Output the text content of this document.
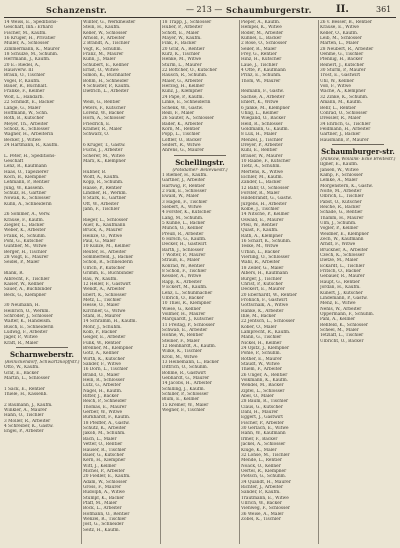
Schanzenstr.	— 213 — Schaumburgerstr. II.	361
14 Weiss, E., Speditions-
Geschäft, Inh.: Erhard
Fischer, M., Kaufm.
16 Krüger, H., Privatier
Müller, A., Schlosser
Zimmermann, K., Maurer
18 Schulze, M., Schuhm.
Herrmann, J., Kaufm.
20 E.: Riedel, A.,
Hausverw. III
Braun, O., Tischler
Vogel, P., Kaufm.
Bauer, R., Buchhalt.
Franke, F., Kellner
Wolf, L., Handarb.
22 Schmidt, E., Bäcker
Lange, G., Maler
Hoffmann, W., Schn.
Roth, B., Kutscher
Meyer, Th., Arbeiter
Scholz, K., Schlosser
Wagner, H., Arbeiterin
Becker, J., Witwe
24 Hartmann, R., Kaufm.

L. Peter, H., Speditions-
Geschäft
Lenz, R., Kaufmann
Haas, O., Tapezierer
Koch, B., Klempner
Lehmann, P., Rentier
Jung, W., Kassenb.
Schulz, H., Gärtner
Nowak, K., Schlosser
Kühn, A., Schneiderin

26 Sommer, A., Verw.
Krause, F., Kaufm.
Ziegler, L., Bäcker
Weber, K., Arbeiter
Frank, R., Schuhm.
Pohl, G., Kutscher
Günther, M., Witwe
Berger, H., Tischler
28 Voigt, E., Maurer
Seidel, P., Maler

Blank, R.
Albrecht, F., Tischler
Kaiser, W., Kellner
Sauer, A., Buchbinder
Beck, G., Klempner

30 Neumann, H.
Heinrich, O., Werkm.
Schröder, J., Schlosser
Walter, K., Handelsm.
Busch, E., Schneiderin
Ludwig, F., Arbeiter
Jäger, P., Witwe
Kraft, R., Maler
Scharnweberstr.
(Reinickendorf, Schwartzkopffstr.)
Otto, W., Kaufm.
Graf, E., Bäcker
Martin, L., Schlosser

1 Sack, E., Rentier
Thiele, H., Kassenb.

2 Baumann, J., Kaufm.
Winkler, A., Maurer
Hahn, O., Tischler
3 Möller, R., Arbeiter
4 Schreiber, K., Gastw.
Engel, P., Arbeiter
Winter, G., Werkmeister
Stein, H., Kaufm.
Keller, W., Schlosser
Arnold, F., Arbeiter
2 Brandt, A., Tischler
Vogt, R., Schuhm.
Franz, M., Maurer
Kuhn, J., Maler
Schubert, E., Kellner
Ernst, O., Witwe
Simon, K., Buchhalter
Böhm, H., Schneider
4 Schuster, P., Kaufm.
Dietrich, L., Arbeiter

Weiß, G., Rentier
Peters, F., Kutscher
Lorenz, W., Bäcker
Horn, A., Schlosser
Friedrich, E.
Kramer, R., Maler
Schwarz, O.

6 Krüger, T., Gastw.
Fuchs, J., Arbeiter
Scherer, M., Witwe
Marx, K., Klempner

Hübner, B.
Wolff, A., Kaufm.
Kopp, R., Schuhm.
Haase, P., Rentier
Lindner, H., Werkm.
8 Stark, E., Gärtner
Ott, W., Arbeiter
Jahn, F., Tischler

Rieger, L., Schlosser
Auer, K., Kaufmann
Brück, A., Maurer
Heinze, O., Witwe
Paul, G., Maler
10 Kunze, M., Kellner
Reuter, H., Arbeiter
Sommerfeld, J., Bäcker
Schön, R., Schneiderin
Ulrich, P., Kutscher
Grimm, E., Buchbinder
Rau, W., Kaufm.
12 Heller, F., Gastwirt
Wendt, A., Arbeiter
Ebert, K., Schlosser
Metz, L., Tischler
Hesse, O., Maler
Kirchner, G., Witwe
Stahl, R., Maurer
14 Schramm, H., Kaufm.
Mohr, J., Schuhm.
Kolb, P., Bäcker
Geiger, E., Arbeiter
Funk, W., Rentier
Brenner, M., Klempner
Götz, A., Kellner
Wirth, K., Kutscher
Sander, F., Witwe
16 Dorn, L., Tischler
Brand, O., Maler
Hein, R., Schlosser
Lutz, G., Arbeiter
Nagel, H., Kaufm.
Ritter, J., Bäcker
Reich, P., Schneider
Thomas, E., Maurer
Gerber, W., Witwe
Burkhardt, F., Kaufm.
18 Pfeiffer, A., Gastw.
Schütz, K., Arbeiter
Jakob, M., Schuhm.
Bach, L., Maler
Vetter, O., Rentier
Hauser, R., Tischler
Baier, G., Kutscher
Kern, H., Klempner
Witt, J., Kellner
Michel, P., Arbeiter
20 Fiedler, E., Kaufm.
Adam, W., Schlosser
Gross, F., Maurer
Rudolph, A., Witwe
Stumpf, K., Bäcker
Pfaff, M., Maler
Bock, L., Arbeiter
Hofmann, O., Rentier
Wenzel, R., Tischler
Jost, G., Schneider
Seitz, H., Kaufm.
18 Trapp, J., Schlosser
Huber, P., Arbeiter
Schott, E., Maler
Mayer, W., Kaufm.
Fink, F., Bäcker
20 Graf, A., Rentier
Kurz, K., Tischler
Henke, M., Witwe
Sturm, L., Maurer
22 Böttcher, O., Kutscher
Rausch, R., Schuhm.
Maier, G., Arbeiter
Herzog, H., Kellner
Kunz, J., Klempner
24 Pape, P., Kaufm.
Linke, E., Schneiderin
Schenk, W., Gastw.
Reiß, F., Maler
26 Sauter, A., Schlosser
Bader, K., Arbeiter
Korn, M., Rentier
Popp, L., Tischler
Löffler, O., Bäcker
Seifert, R., Witwe
Ahrens, G., Maurer
Schellingstr.
(Potsdamer- Bellevuestr.)
1 Riemer, H., Kaufm.
Gärtner, J., Arbeiter
Hartwig, P., Rentier
2 Falk, E., Schlosser
Ewald, W., Maler
3 Hagen, F., Tischler
Siebert, A., Witwe
4 Förster, K., Kutscher
Lang, M., Schuhm.
5 Kühne, L., Bäcker
Münch, O., Kellner
Preuß, R., Arbeiter
6 Hirsch, G., Kaufm.
Decker, H., Gastwirt
Barth, J., Schlosser
7 Wolter, P., Maurer
Strauß, E., Maler
Konrad, W., Rentier
8 Scholl, F., Tischler
Kessler, A., Witwe
Rapp, K., Arbeiter
9 Eckert, M., Kaufm.
Lenz, L., Schuhmacher
Ulbrich, O., Bäcker
10 Thiel, R., Klempner
Wiese, G., Kellner
Vollmer, H., Maurer
Marquardt, J., Kutscher
11 Freitag, P., Schlosser
Schwab, E., Arbeiter
Höhne, W., Rentier
Steiner, F., Maler
12 Reinhardt, A., Kaufm.
Wilke, K., Tischler
Kroll, M., Witwe
13 Heinemann, L., Bäcker
Dittrich, O., Schuhm.
Böhme, R., Gastwirt
Gebhardt, G., Maurer
14 Jacobs, H., Arbeiter
Schilling, J., Kaufm.
Schiller, P., Schlosser
Blum, E., Kellner
15 Kremer, W., Maler
Wegner, F., Tischler
Pieper, A., Kaufm.
Hempel, K., Witwe
Roder, M., Arbeiter
Kühnel, L., Bäcker
2 Rose, O., Schlosser
Seiler, R., Maler
Frey, G., Rentier
Hinz, H., Kutscher
Laue, J., Tischler
4 Otte, P., Kaufmann
Prinz, E., Schuhm.
Thom, W., Maurer

Reimann, F., Gastw.
Sachse, A., Arbeiter
Ehlert, K., Witwe
6 Janke, M., Klempner
Uhlig, L., Kellner
Wiegand, O., Bäcker
Held, R., Schlosser
Goldmann, G., Kaufm.
8 Lux, H., Maler
Menzel, J., Tischler
Dreyer, P., Arbeiter
Kühl, E., Rentier
Brauer, W., Maurer
10 Raabe, F., Kutscher
Tietz, A., Schuhm.
Mertens, K., Witwe
Eichler, M., Kaufm.
Zander, L., Bäcker
12 Bahr, O., Schlosser
Förster, R., Maler
Hildebrandt, G., Gastw.
Jürgens, H., Arbeiter
Kolbe, J., Tischler
14 Nitsche, P., Kellner
Oswald, E., Maurer
Pfeil, W., Rentier
Quast, F., Kaufm.
Rath, A., Klempner
16 Scharf, K., Schuhm.
Teske, M., Witwe
Urban, L., Bäcker
Vierling, O., Schlosser
Wahl, R., Arbeiter
18 Zeller, G., Maler
Albers, H., Kaufmann
Bürger, J., Tischler
Christ, P., Kutscher
Deckert, E., Maurer
20 Eberhardt, W., Rentier
Fröhlich, F., Gastwirt
Gottschalk, A., Witwe
Hanke, K., Arbeiter
Ihle, M., Bäcker
22 Jentsch, L., Schlosser
Kober, O., Maler
Lamprecht, R., Kaufm.
Mann, G., Tischler
Nickel, H., Kellner
24 Opitz, J., Klempner
Pohle, P., Schuhm.
Rother, E., Maurer
Staudt, W., Witwe
Thiem, F., Arbeiter
26 Unger, A., Rentier
Volkmann, K., Kaufm.
Wendel, M., Bäcker
Zipfel, L., Schlosser
Abel, O., Maler
28 Baum, R., Tischler
Claus, G., Kutscher
Dahl, H., Maurer
Eggert, J., Gastwirt
Fischer, P., Arbeiter
30 Gerlach, E., Witwe
Hahn, W., Kaufmann
Irmer, F., Bäcker
Jäckel, A., Schlosser
Kluge, K., Maler
32 Lohse, M., Tischler
Mende, L., Rentier
Noack, O., Kellner
Oertel, R., Klempner
Pietsch, G., Schuhm.
34 Quandt, H., Maurer
Richter, J., Arbeiter
Sander, P., Kaufm.
Trautmann, E., Witwe
Ullrich, W., Bäcker
Viehweg, F., Schlosser
36 Weise, A., Maler
Zobel, K., Tischler
26 v. Besser, B., Rentier
Krause, E., Witwe
Keller, O., Kaufm.
Leib, M., Schlosser
Marten, L., Maler
28 Neubert, R., Arbeiter
Oehme, G., Tischler
Pfennig, H., Bäcker
Reinert, J., Kutscher
30 Sturm, P., Maurer
Trost, E., Gastwirt
Uhl, W., Kellner
Voß, F., Witwe
Wache, A., Klempner
32 Zinke, K., Schuhm.
Amann, M., Kaufm.
Behr, L., Rentier
Conrad, O., Schlosser
Dressler, R., Maler
34 Ehrlich, G., Tischler
Feldmann, H., Arbeiter
Gärtner, J., Bäcker
Hausmann, P., Maurer
Schaumburger-str.
(Pankow, Wollank- Ecke Breitestr.)
Ilgner, E., Kaufm.
Jansen, W., Witwe
Kamp, F., Schlosser
Lemke, A., Maler
Morgenstern, K., Gastw.
Nolte, M., Arbeiter
Olbrich, L., Tischler
Pabst, O., Kutscher
Reiche, R., Bäcker
Schade, G., Rentier
Thamm, H., Maurer
Ulm, J., Schuhm.
Vogler, P., Kellner
Weidner, E., Klempner
Zech, W., Kaufmann
Arndt, F., Witwe
Brückner, A., Arbeiter
Czech, K., Schlosser
Dietze, M., Maler
Eckardt, L., Tischler
Fritsch, O., Bäcker
Gebauer, R., Maurer
Haupt, G., Rentier
Jordan, H., Kaufm.
Kunert, J., Kutscher
Lindemann, P., Gastw.
Menz, E., Witwe
Nehls, W., Arbeiter
Oppermann, F., Schuhm.
Pahl, A., Kellner
Rehfeld, K., Schlosser
Scheel, M., Maler
Tetzlaff, L., Tischler
Ulbricht, O., Bäcker
